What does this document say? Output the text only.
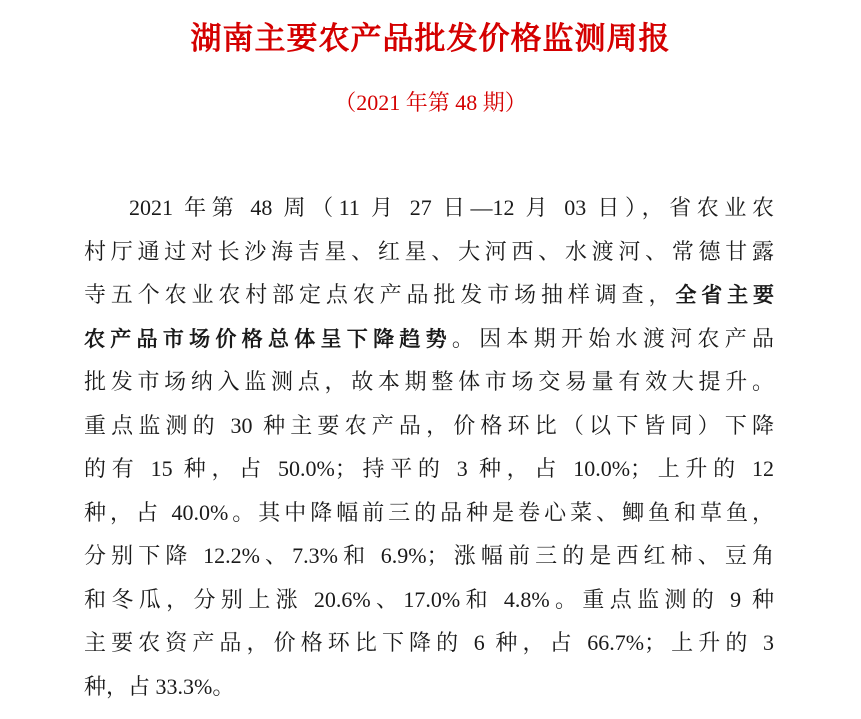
湖南主要农产品批发价格监测周报
（2021 年第 48 期）
2021 年第 48 周（11 月 27 日—12 月 03 日），省农业农
村厅通过对长沙海吉星、红星、大河西、水渡河、常德甘露
寺五个农业农村部定点农产品批发市场抽样调查，全省主要
农产品市场价格总体呈下降趋势。因本期开始水渡河农产品
批发市场纳入监测点，故本期整体市场交易量有效大提升。
重点监测的 30 种主要农产品，价格环比（以下皆同）下降
的有 15 种，占 50.0%；持平的 3 种，占 10.0%；上升的 12
种，占 40.0%。其中降幅前三的品种是卷心菜、鲫鱼和草鱼，
分别下降 12.2%、7.3%和 6.9%；涨幅前三的是西红柿、豆角
和冬瓜，分别上涨 20.6%、17.0%和 4.8%。重点监测的 9 种
主要农资产品，价格环比下降的 6 种，占 66.7%；上升的 3
种，占 33.3%。
